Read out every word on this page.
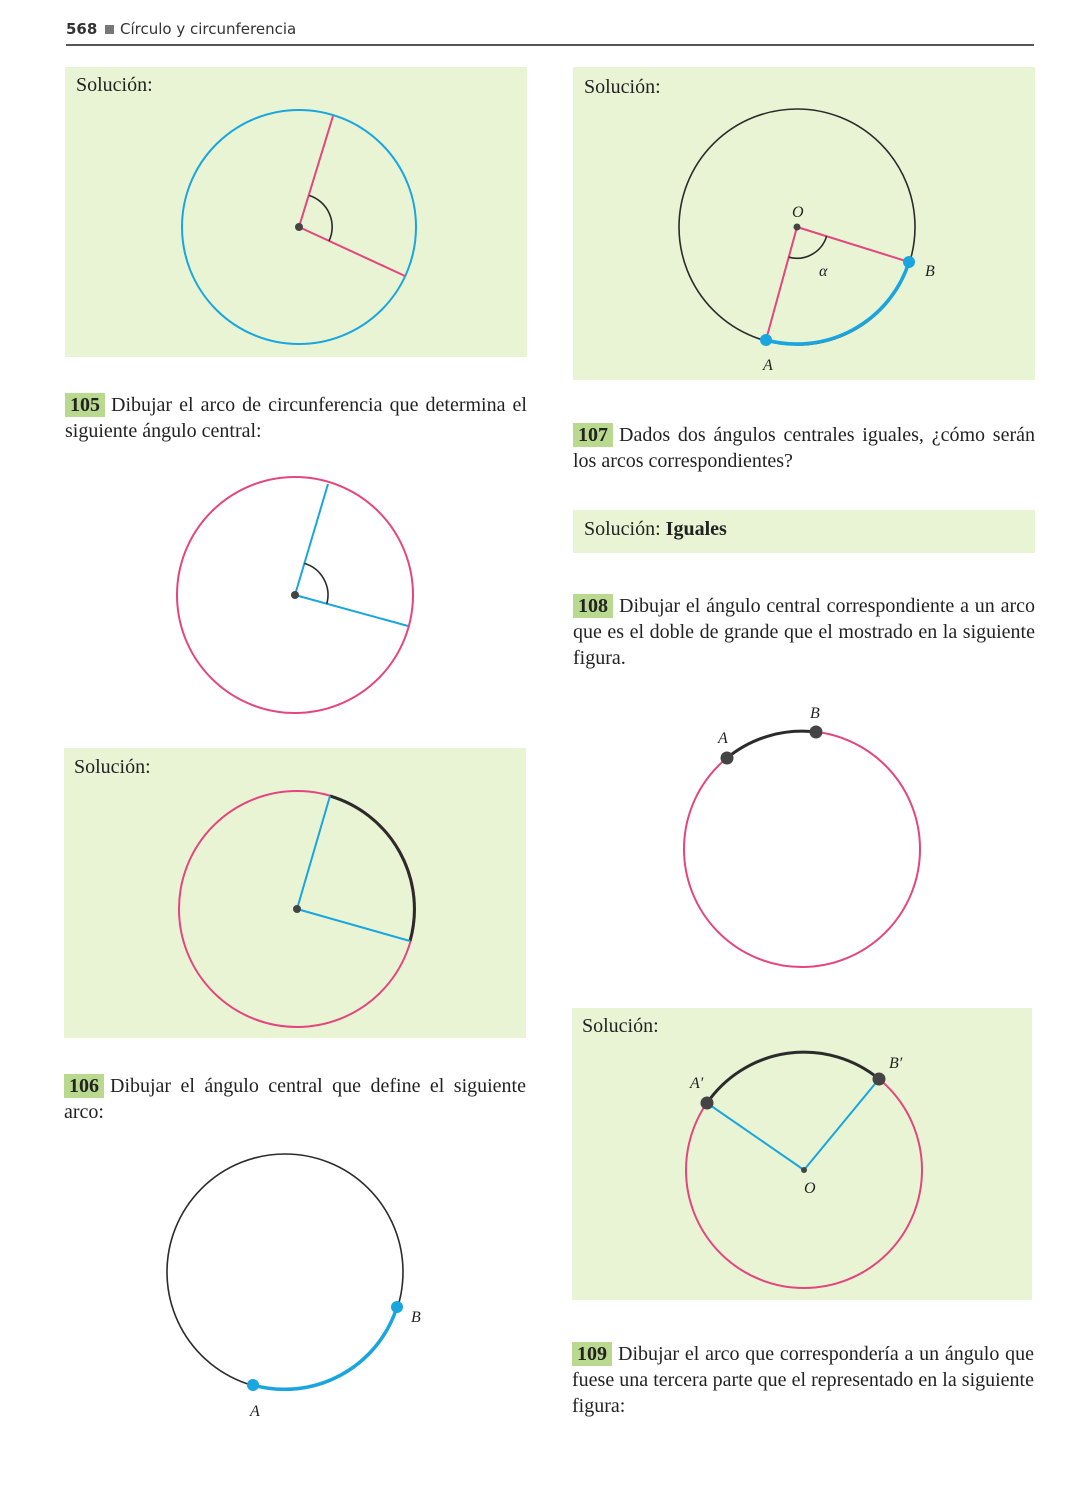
568 Círculo y circunferencia
Solución:
105 Dibujar el arco de circunferencia que determina el siguiente ángulo central:
Solución:
106 Dibujar el ángulo central que define el siguiente arco:
A
B
Solución:
O
α	B
A
107 Dados dos ángulos centrales iguales, ¿cómo serán los arcos correspondientes?
Solución: Iguales
108 Dibujar el ángulo central correspondiente a un arco que es el doble de grande que el mostrado en la siguiente figura.
A
B
Solución:
A′
B′
O
109 Dibujar el arco que correspondería a un ángulo que fuese una tercera parte que el representado en la siguiente figura:
